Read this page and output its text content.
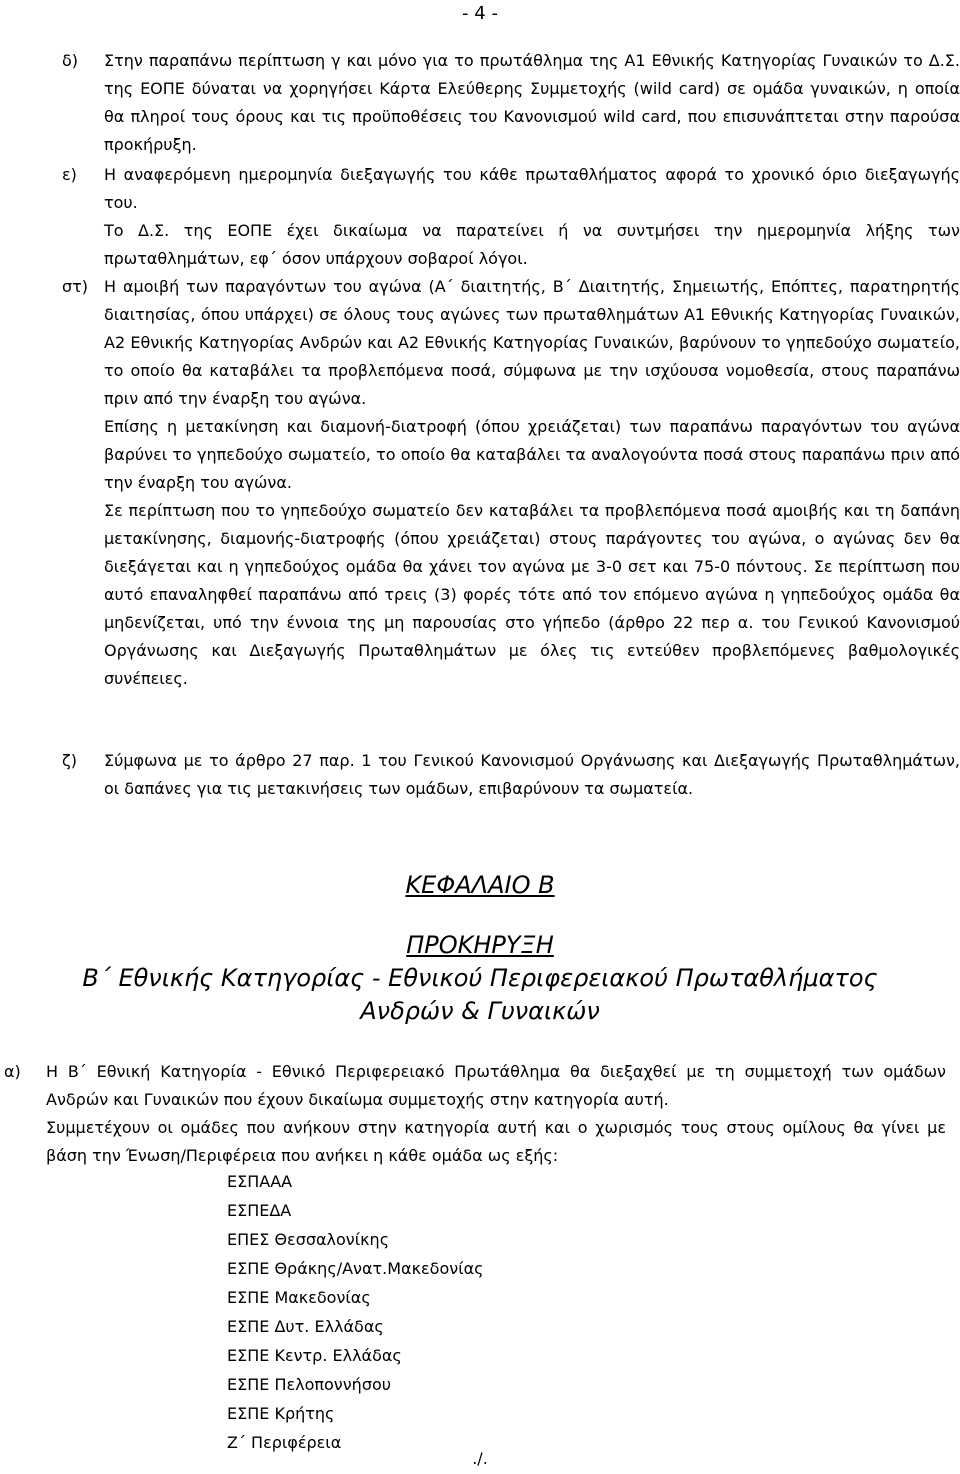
- 4 -
δ) Στην παραπάνω περίπτωση γ και μόνο για το πρωτάθλημα της Α1 Εθνικής Κατηγορίας Γυναικών το Δ.Σ. της ΕΟΠΕ δύναται να χορηγήσει Κάρτα Ελεύθερης Συμμετοχής (wild card) σε ομάδα γυναικών, η οποία θα πληροί τους όρους και τις προϋποθέσεις του Κανονισμού wild card, που επισυνάπτεται στην παρούσα προκήρυξη.

ε) Η αναφερόμενη ημερομηνία διεξαγωγής του κάθε πρωταθλήματος αφορά το χρονικό όριο διεξαγωγής του.

Το Δ.Σ. της ΕΟΠΕ έχει δικαίωμα να παρατείνει ή να συντμήσει την ημερομηνία λήξης των πρωταθλημάτων, εφ΄ όσον υπάρχουν σοβαροί λόγοι.

στ) Η αμοιβή των παραγόντων του αγώνα (Α΄ διαιτητής, Β΄ Διαιτητής, Σημειωτής, Επόπτες, παρατηρητής διαιτησίας, όπου υπάρχει) σε όλους τους αγώνες των πρωταθλημάτων Α1 Εθνικής Κατηγορίας Γυναικών, Α2 Εθνικής Κατηγορίας Ανδρών και Α2 Εθνικής Κατηγορίας Γυναικών, βαρύνουν το γηπεδούχο σωματείο, το οποίο θα καταβάλει τα προβλεπόμενα ποσά, σύμφωνα με την ισχύουσα νομοθεσία, στους παραπάνω πριν από την έναρξη του αγώνα.

Επίσης η μετακίνηση και διαμονή-διατροφή (όπου χρειάζεται) των παραπάνω παραγόντων του αγώνα βαρύνει το γηπεδούχο σωματείο, το οποίο θα καταβάλει τα αναλογούντα ποσά στους παραπάνω πριν από την έναρξη του αγώνα.

Σε περίπτωση που το γηπεδούχο σωματείο δεν καταβάλει τα προβλεπόμενα ποσά αμοιβής και τη δαπάνη μετακίνησης, διαμονής-διατροφής (όπου χρειάζεται) στους παράγοντες του αγώνα, ο αγώνας δεν θα διεξάγεται και η γηπεδούχος ομάδα θα χάνει τον αγώνα με 3-0 σετ και 75-0 πόντους. Σε περίπτωση που αυτό επαναληφθεί παραπάνω από τρεις (3) φορές τότε από τον επόμενο αγώνα η γηπεδούχος ομάδα θα μηδενίζεται, υπό την έννοια της μη παρουσίας στο γήπεδο (άρθρο 22 περ α. του Γενικού Κανονισμού Οργάνωσης και Διεξαγωγής Πρωταθλημάτων με όλες τις εντεύθεν προβλεπόμενες βαθμολογικές συνέπειες.

ζ) Σύμφωνα με το άρθρο 27 παρ. 1 του Γενικού Κανονισμού Οργάνωσης και Διεξαγωγής Πρωταθλημάτων, οι δαπάνες για τις μετακινήσεις των ομάδων, επιβαρύνουν τα σωματεία.

ΚΕΦΑΛΑΙΟ Β
ΠΡΟΚΗΡΥΞΗ
Β΄ Εθνικής Κατηγορίας - Εθνικού Περιφερειακού Πρωταθλήματος
Ανδρών & Γυναικών
α) Η Β΄ Εθνική Κατηγορία - Εθνικό Περιφερειακό Πρωτάθλημα θα διεξαχθεί με τη συμμετοχή των ομάδων Ανδρών και Γυναικών που έχουν δικαίωμα συμμετοχής στην κατηγορία αυτή.

Συμμετέχουν οι ομάδες που ανήκουν στην κατηγορία αυτή και ο χωρισμός τους στους ομίλους θα γίνει με βάση την Ένωση/Περιφέρεια που ανήκει η κάθε ομάδα ως εξής:

ΕΣΠΑΑΑ
ΕΣΠΕΔΑ
ΕΠΕΣ Θεσσαλονίκης
ΕΣΠΕ Θράκης/Ανατ.Μακεδονίας
ΕΣΠΕ Μακεδονίας
ΕΣΠΕ Δυτ. Ελλάδας
ΕΣΠΕ Κεντρ. Ελλάδας
ΕΣΠΕ Πελοποννήσου
ΕΣΠΕ Κρήτης
Ζ΄ Περιφέρεια
./.
